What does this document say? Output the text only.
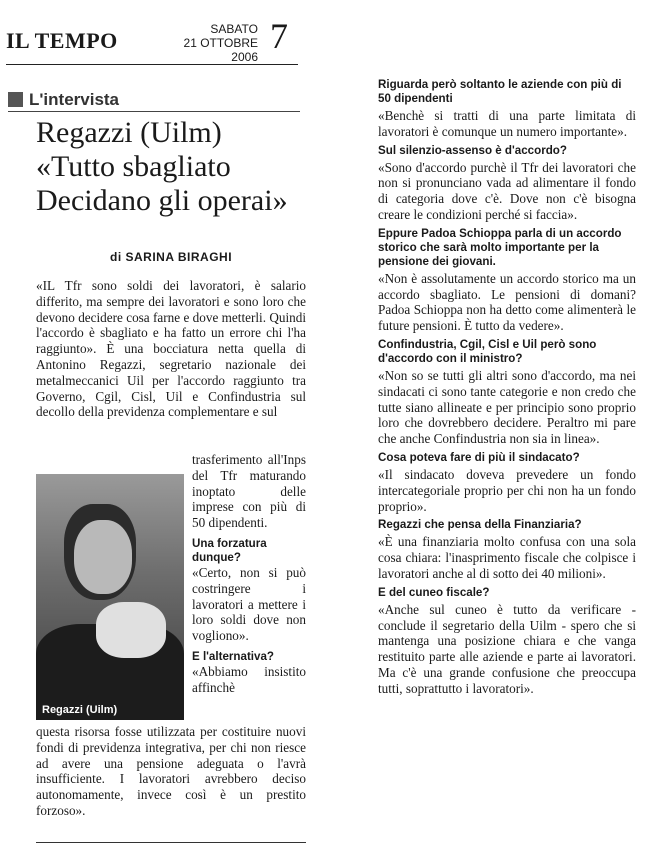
IL TEMPO	SABATO
21 OTTOBRE 2006
7
L'intervista
Regazzi (Uilm)
«Tutto sbagliato
Decidano gli operai»
di SARINA BIRAGHI

«IL Tfr sono soldi dei lavoratori, è salario differito, ma sempre dei lavoratori e sono loro che devono decidere cosa farne e dove metterli. Quindi l'accordo è sbagliato e ha fatto un errore chi l'ha raggiunto». È una bocciatura netta quella di Antonino Regazzi, segretario nazionale dei metalmeccanici Uil per l'accordo raggiunto tra Governo, Cgil, Cisl, Uil e Confindustria sul decollo della previdenza complementare e sul

Regazzi (Uilm)

trasferimento all'Inps del Tfr maturando inoptato delle imprese con più di 50 dipendenti.

Una forzatura dunque?

«Certo, non si può costringere i lavoratori a mettere i loro soldi dove non vogliono».

E l'alternativa?

«Abbiamo insistito affinchè

questa risorsa fosse utilizzata per costituire nuovi fondi di previdenza integrativa, per chi non riesce ad avere una pensione adeguata o l'avrà insufficiente. I lavoratori avrebbero deciso autonomamente, invece così è un prestito forzoso».

Riguarda però soltanto le aziende con più di 50 dipendenti

«Benchè si tratti di una parte limitata di lavoratori è comunque un numero importante».

Sul silenzio-assenso è d'accordo?

«Sono d'accordo purchè il Tfr dei lavoratori che non si pronunciano vada ad alimentare il fondo di categoria dove c'è. Dove non c'è bisogna creare le condizioni perché si faccia».

Eppure Padoa Schioppa parla di un accordo storico che sarà molto importante per la pensione dei giovani.

«Non è assolutamente un accordo storico ma un accordo sbagliato. Le pensioni di domani? Padoa Schioppa non ha detto come alimenterà le future pensioni. È tutto da vedere».

Confindustria, Cgil, Cisl e Uil però sono d'accordo con il ministro?

«Non so se tutti gli altri sono d'accordo, ma nei sindacati ci sono tante categorie e non credo che tutte siano allineate e per principio sono proprio loro che dovrebbero decidere. Peraltro mi pare che anche Confindustria non sia in linea».

Cosa poteva fare di più il sindacato?

«Il sindacato doveva prevedere un fondo intercategoriale proprio per chi non ha un fondo proprio».

Regazzi che pensa della Finanziaria?

«È una finanziaria molto confusa con una sola cosa chiara: l'inasprimento fiscale che colpisce i lavoratori anche al di sotto dei 40 milioni».

E del cuneo fiscale?

«Anche sul cuneo è tutto da verificare - conclude il segretario della Uilm - spero che si mantenga una posizione chiara e che vanga restituito parte alle aziende e parte ai lavoratori. Ma c'è una grande confusione che preoccupa tutti, soprattutto i lavoratori».
